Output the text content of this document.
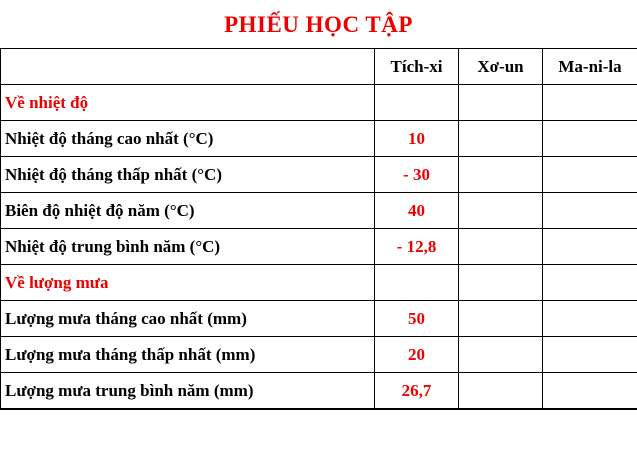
PHIẾU HỌC TẬP
	Tích-xi	Xơ-un	Ma-ni-la
Về nhiệt độ			
Nhiệt độ tháng cao nhất (°C)	10		
Nhiệt độ tháng thấp nhất (°C)	- 30		
Biên độ nhiệt độ năm (°C)	40		
Nhiệt độ trung bình năm (°C)	- 12,8		
Về lượng mưa			
Lượng mưa tháng cao nhất (mm)	50		
Lượng mưa tháng thấp nhất (mm)	20		
Lượng mưa trung bình năm (mm)	26,7		
